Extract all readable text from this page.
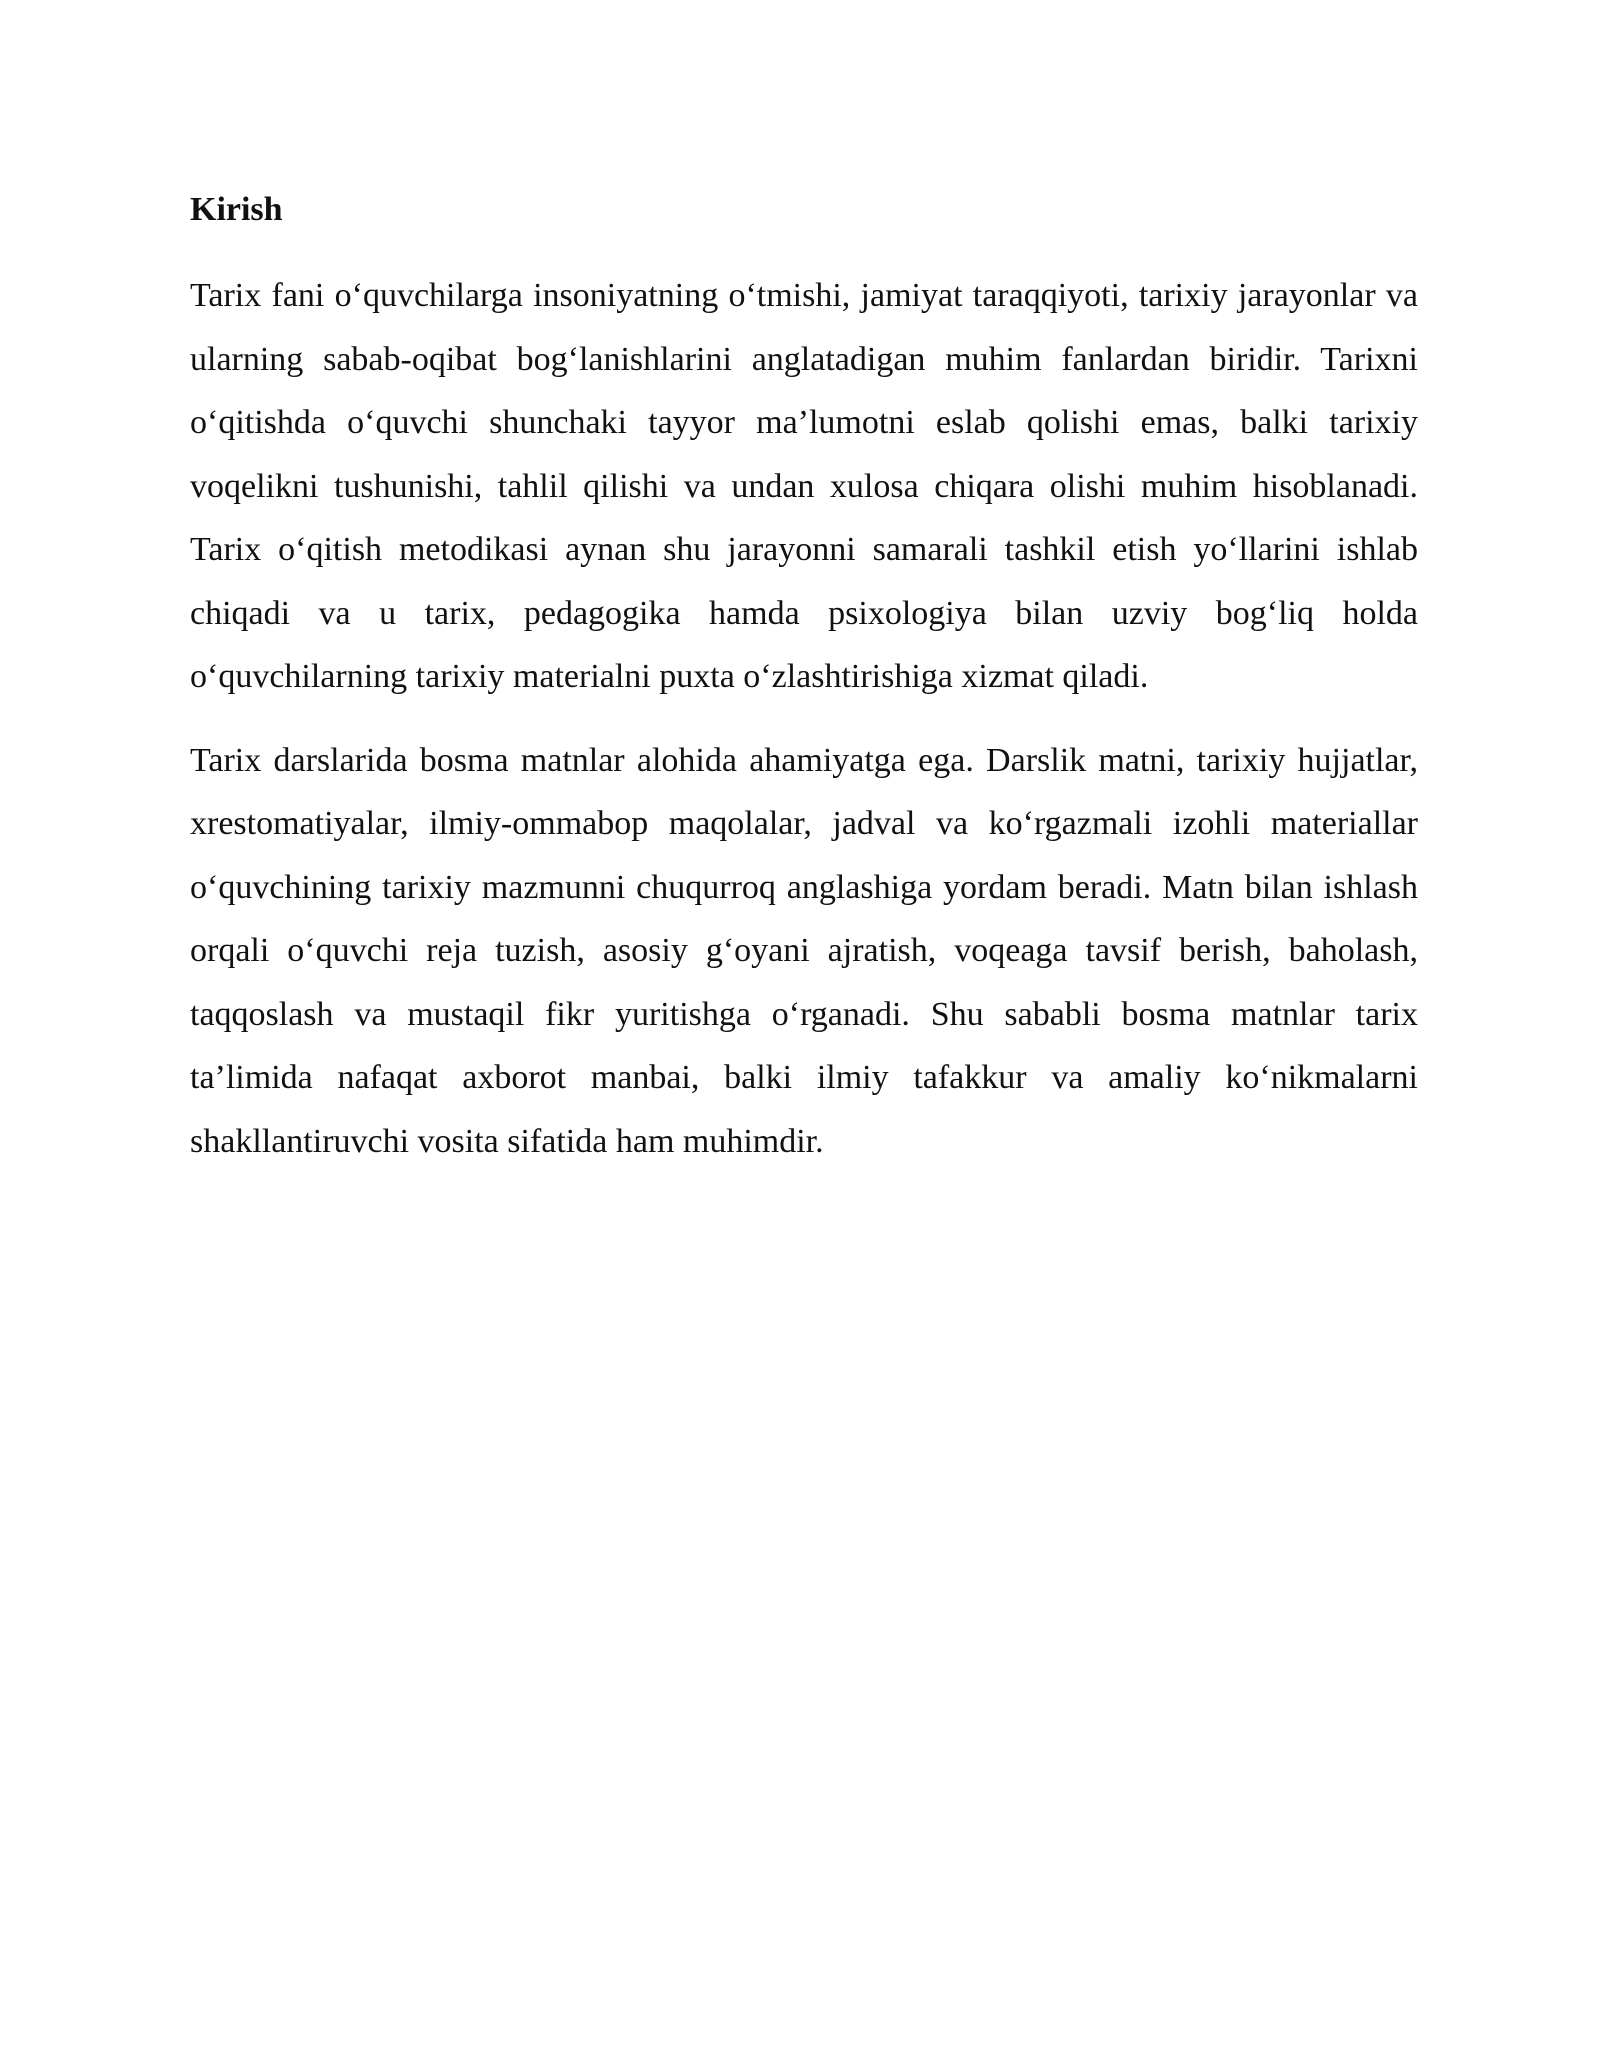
Kirish

Tarix fani o‘quvchilarga insoniyatning o‘tmishi, jamiyat taraqqiyoti, tarixiy jarayonlar va ularning sabab-oqibat bog‘lanishlarini anglatadigan muhim fanlardan biridir. Tarixni o‘qitishda o‘quvchi shunchaki tayyor ma’lumotni eslab qolishi emas, balki tarixiy voqelikni tushunishi, tahlil qilishi va undan xulosa chiqara olishi muhim hisoblanadi. Tarix o‘qitish metodikasi aynan shu jarayonni samarali tashkil etish yo‘llarini ishlab chiqadi va u tarix, pedagogika hamda psixologiya bilan uzviy bog‘liq holda o‘quvchilarning tarixiy materialni puxta o‘zlashtirishiga xizmat qiladi.

Tarix darslarida bosma matnlar alohida ahamiyatga ega. Darslik matni, tarixiy hujjatlar, xrestomatiyalar, ilmiy-ommabop maqolalar, jadval va ko‘rgazmali izohli materiallar o‘quvchining tarixiy mazmunni chuqurroq anglashiga yordam beradi. Matn bilan ishlash orqali o‘quvchi reja tuzish, asosiy g‘oyani ajratish, voqeaga tavsif berish, baholash, taqqoslash va mustaqil fikr yuritishga o‘rganadi. Shu sababli bosma matnlar tarix ta’limida nafaqat axborot manbai, balki ilmiy tafakkur va amaliy ko‘nikmalarni shakllantiruvchi vosita sifatida ham muhimdir.
